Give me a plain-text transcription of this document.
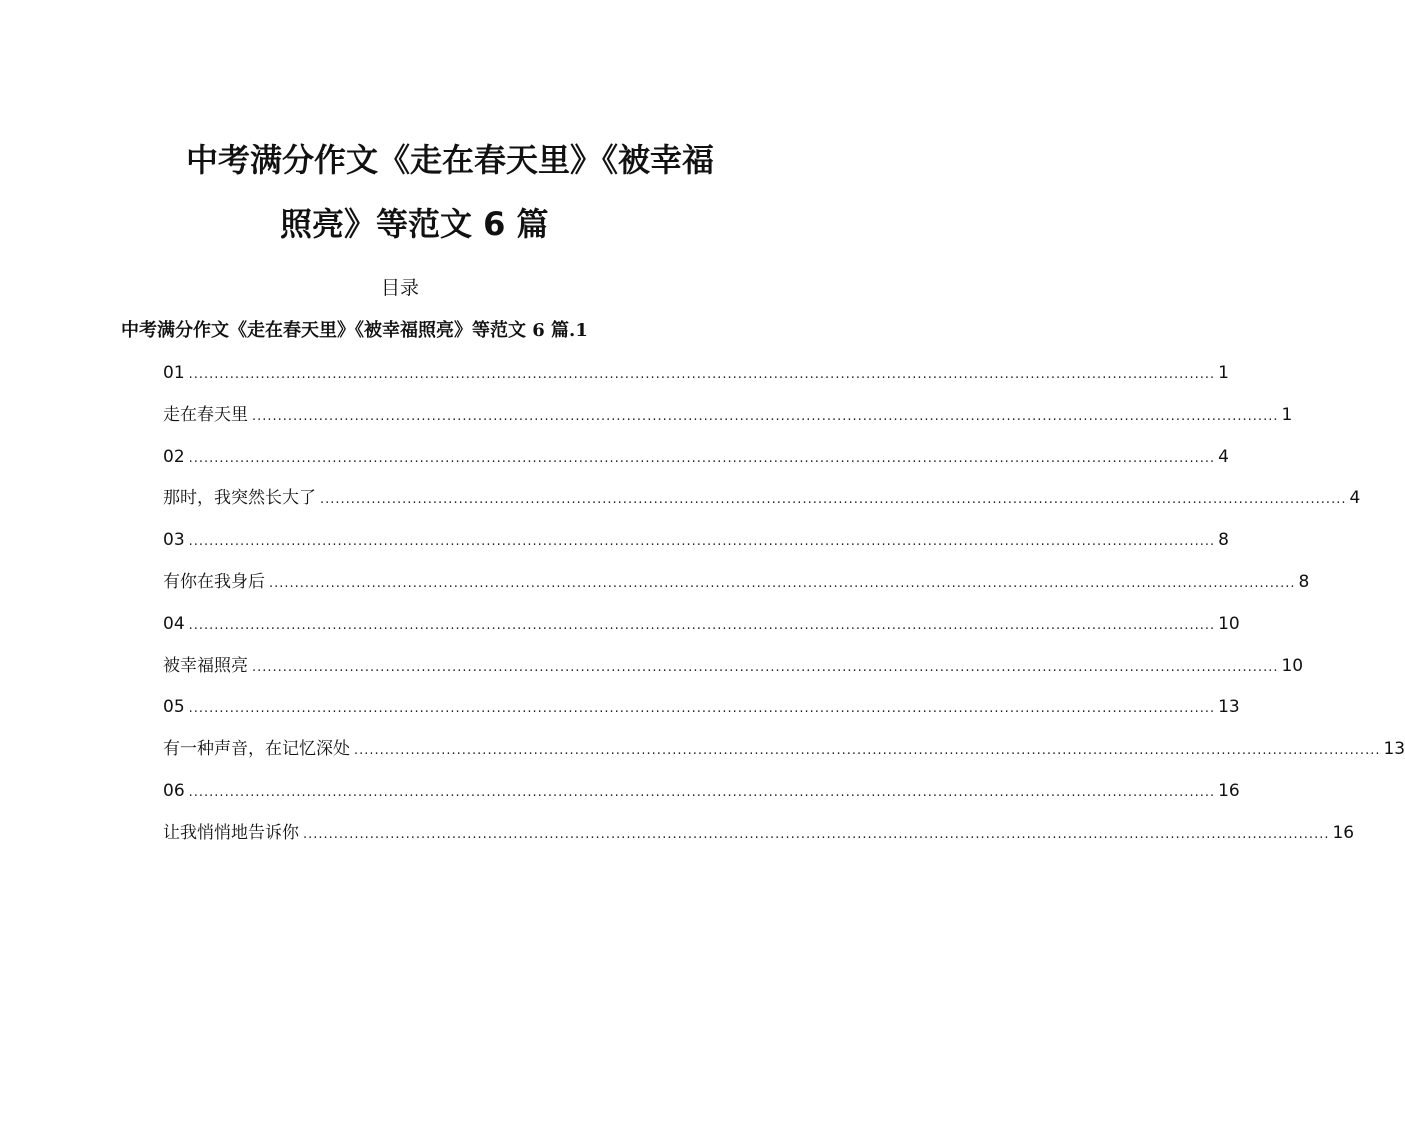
中考满分作文《走在春天里》《被幸福
照亮》等范文 6 篇
目录
中考满分作文《走在春天里》《被幸福照亮》等范文 6 篇.1
01 ........................................................................................................................................................................................................ 1
走在春天里 ........................................................................................................................................................................................................ 1
02 ........................................................................................................................................................................................................ 4
那时，我突然长大了 ........................................................................................................................................................................................................ 4
03 ........................................................................................................................................................................................................ 8
有你在我身后 ........................................................................................................................................................................................................ 8
04 ........................................................................................................................................................................................................ 10
被幸福照亮 ........................................................................................................................................................................................................ 10
05 ........................................................................................................................................................................................................ 13
有一种声音，在记忆深处 ........................................................................................................................................................................................................ 13
06 ........................................................................................................................................................................................................ 16
让我悄悄地告诉你 ........................................................................................................................................................................................................ 16
